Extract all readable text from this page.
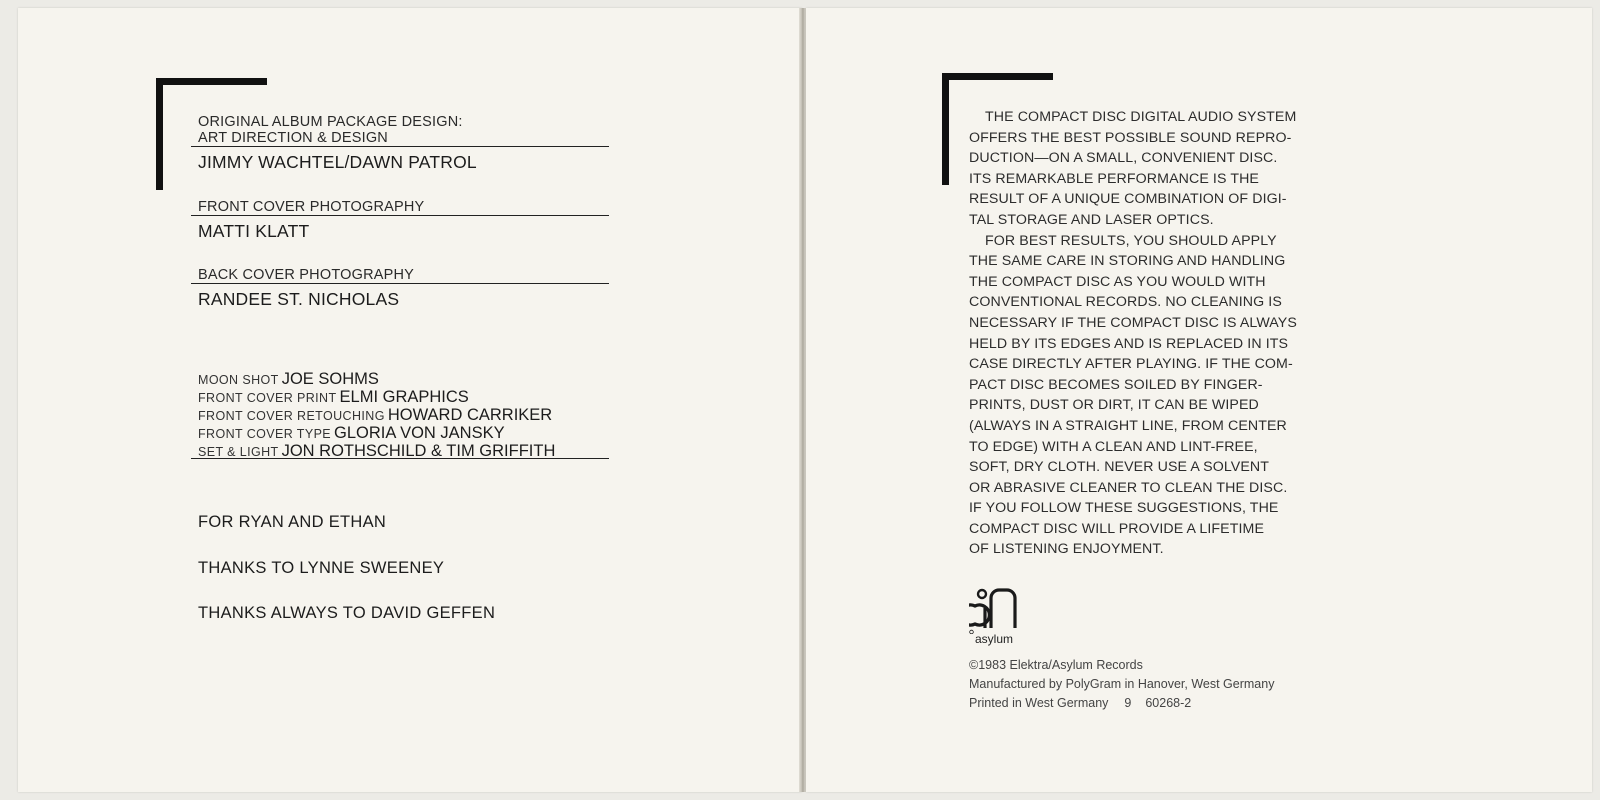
ORIGINAL ALBUM PACKAGE DESIGN:
ART DIRECTION & DESIGN
JIMMY WACHTEL/DAWN PATROL
FRONT COVER PHOTOGRAPHY
MATTI KLATT
BACK COVER PHOTOGRAPHY
RANDEE ST. NICHOLAS
MOON SHOT JOE SOHMS
FRONT COVER PRINT ELMI GRAPHICS
FRONT COVER RETOUCHING HOWARD CARRIKER
FRONT COVER TYPE GLORIA VON JANSKY
SET & LIGHT JON ROTHSCHILD & TIM GRIFFITH
FOR RYAN AND ETHAN
THANKS TO LYNNE SWEENEY
THANKS ALWAYS TO DAVID GEFFEN
THE COMPACT DISC DIGITAL AUDIO SYSTEM
OFFERS THE BEST POSSIBLE SOUND REPRO-
DUCTION—ON A SMALL, CONVENIENT DISC.
ITS REMARKABLE PERFORMANCE IS THE
RESULT OF A UNIQUE COMBINATION OF DIGI-
TAL STORAGE AND LASER OPTICS.
FOR BEST RESULTS, YOU SHOULD APPLY
THE SAME CARE IN STORING AND HANDLING
THE COMPACT DISC AS YOU WOULD WITH
CONVENTIONAL RECORDS. NO CLEANING IS
NECESSARY IF THE COMPACT DISC IS ALWAYS
HELD BY ITS EDGES AND IS REPLACED IN ITS
CASE DIRECTLY AFTER PLAYING. IF THE COM-
PACT DISC BECOMES SOILED BY FINGER-
PRINTS, DUST OR DIRT, IT CAN BE WIPED
(ALWAYS IN A STRAIGHT LINE, FROM CENTER
TO EDGE) WITH A CLEAN AND LINT-FREE,
SOFT, DRY CLOTH. NEVER USE A SOLVENT
OR ABRASIVE CLEANER TO CLEAN THE DISC.
IF YOU FOLLOW THESE SUGGESTIONS, THE
COMPACT DISC WILL PROVIDE A LIFETIME
OF LISTENING ENJOYMENT.
asylum
©1983 Elektra/Asylum Records
Manufactured by PolyGram in Hanover, West Germany
Printed in West Germany 9 60268-2
